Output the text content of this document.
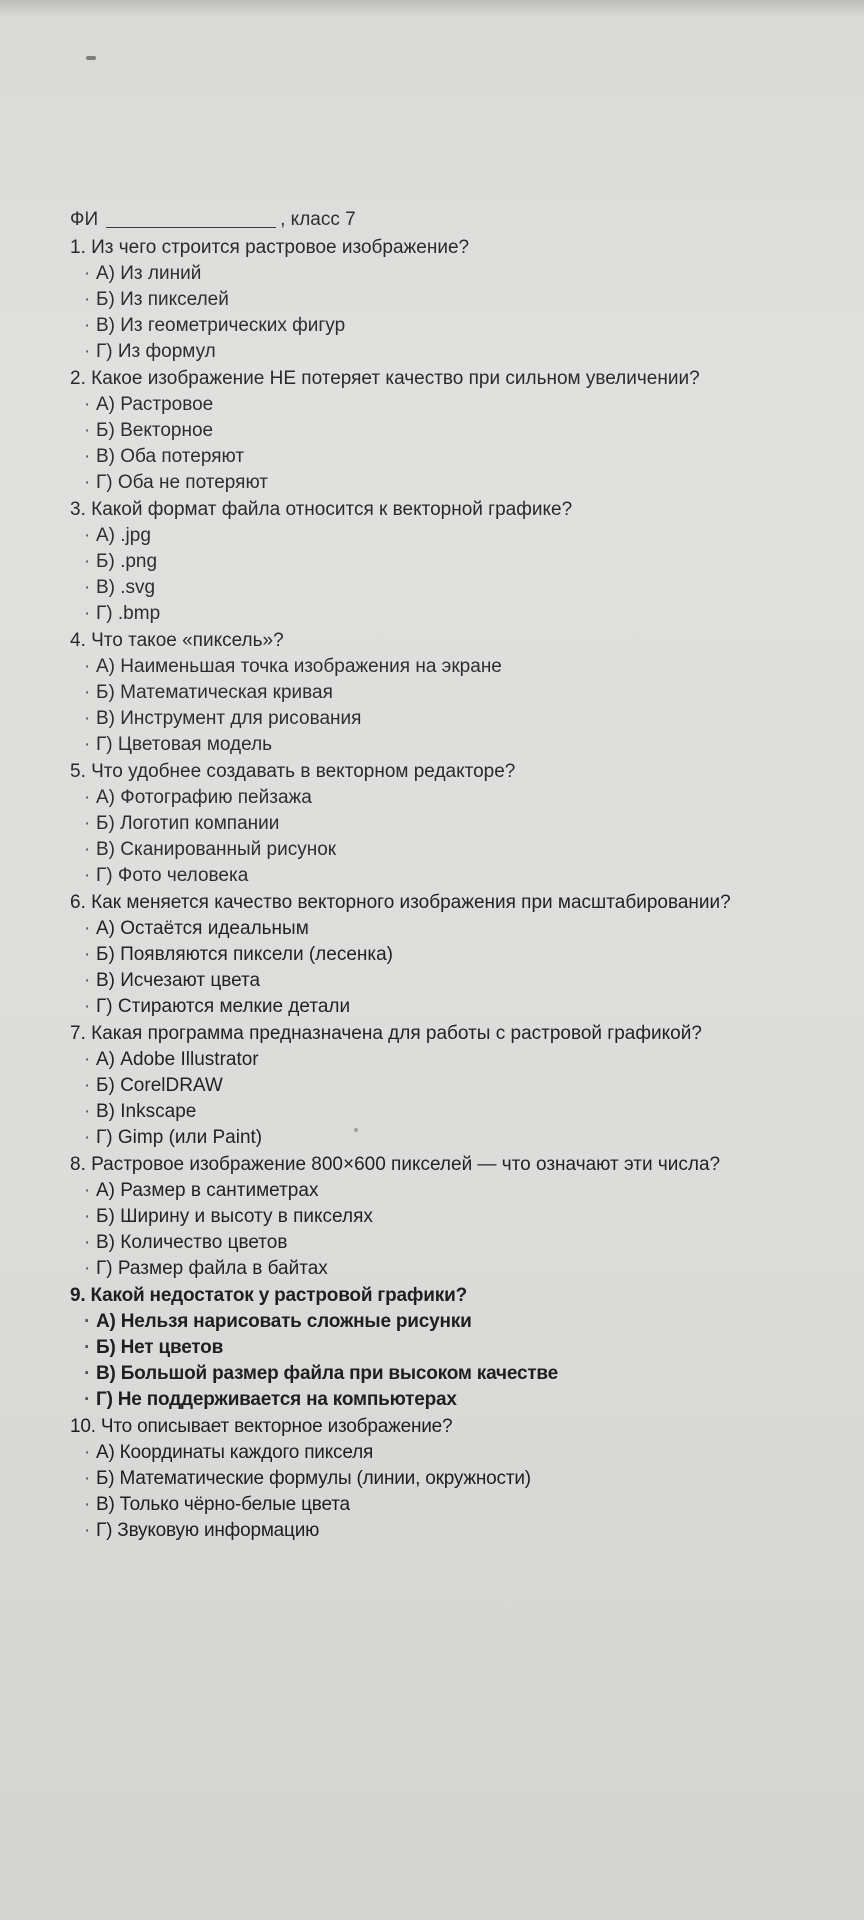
ФИ	, класс 7
1. Из чего строится растровое изображение?
· А) Из линий
· Б) Из пикселей
· В) Из геометрических фигур
· Г) Из формул
2. Какое изображение НЕ потеряет качество при сильном увеличении?
· А) Растровое
· Б) Векторное
· В) Оба потеряют
· Г) Оба не потеряют
3. Какой формат файла относится к векторной графике?
· А) .jpg
· Б) .png
· В) .svg
· Г) .bmp
4. Что такое «пиксель»?
· А) Наименьшая точка изображения на экране
· Б) Математическая кривая
· В) Инструмент для рисования
· Г) Цветовая модель
5. Что удобнее создавать в векторном редакторе?
· А) Фотографию пейзажа
· Б) Логотип компании
· В) Сканированный рисунок
· Г) Фото человека
6. Как меняется качество векторного изображения при масштабировании?
· А) Остаётся идеальным
· Б) Появляются пиксели (лесенка)
· В) Исчезают цвета
· Г) Стираются мелкие детали
7. Какая программа предназначена для работы с растровой графикой?
· А) Adobe Illustrator
· Б) CorelDRAW
· В) Inkscape
· Г) Gimp (или Paint)
8. Растровое изображение 800×600 пикселей — что означают эти числа?
· А) Размер в сантиметрах
· Б) Ширину и высоту в пикселях
· В) Количество цветов
· Г) Размер файла в байтах
9. Какой недостаток у растровой графики?
· А) Нельзя нарисовать сложные рисунки
· Б) Нет цветов
· В) Большой размер файла при высоком качестве
· Г) Не поддерживается на компьютерах
10. Что описывает векторное изображение?
· А) Координаты каждого пикселя
· Б) Математические формулы (линии, окружности)
· В) Только чёрно-белые цвета
· Г) Звуковую информацию
